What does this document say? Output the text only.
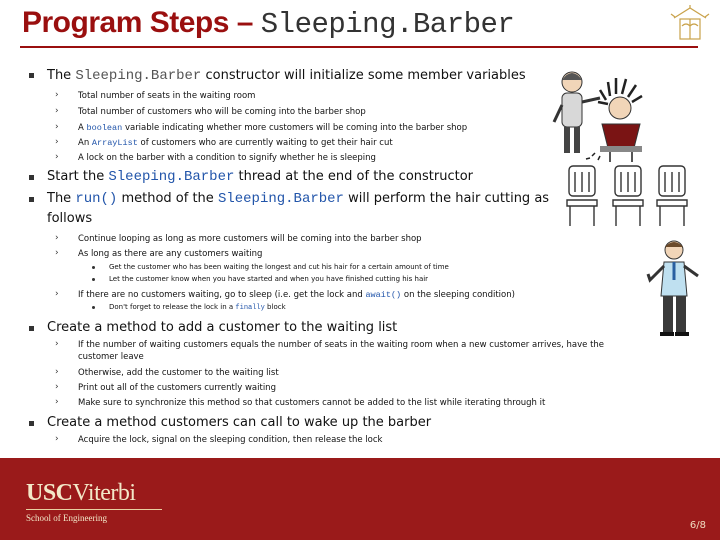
Program Steps – Sleeping.Barber
The Sleeping.Barber constructor will initialize some member variables
› Total number of seats in the waiting room
› Total number of customers who will be coming into the barber shop
› A boolean variable indicating whether more customers will be coming into the barber shop
› An ArrayList of customers who are currently waiting to get their hair cut
› A lock on the barber with a condition to signify whether he is sleeping
Start the Sleeping.Barber thread at the end of the constructor
The run() method of the Sleeping.Barber will perform the hair cutting as
follows
› Continue looping as long as more customers will be coming into the barber shop
› As long as there are any customers waiting
Get the customer who has been waiting the longest and cut his hair for a certain amount of time
Let the customer know when you have started and when you have finished cutting his hair
› If there are no customers waiting, go to sleep (i.e. get the lock and await() on the sleeping condition)
Don't forget to release the lock in a finally block
Create a method to add a customer to the waiting list
› If the number of waiting customers equals the number of seats in the waiting room when a new customer arrives, have the
customer leave
› Otherwise, add the customer to the waiting list
› Print out all of the customers currently waiting
› Make sure to synchronize this method so that customers cannot be added to the list while iterating through it
Create a method customers can call to wake up the barber
› Acquire the lock, signal on the sleeping condition, then release the lock
USCViterbi
School of Engineering
6/8
